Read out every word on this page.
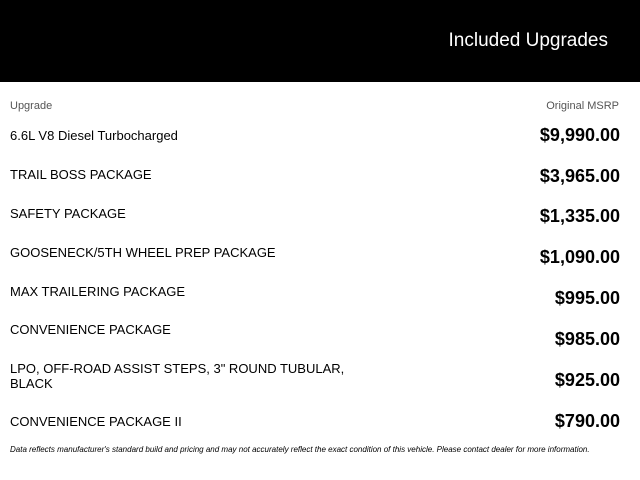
Included Upgrades
Upgrade	Original MSRP
6.6L V8 Diesel Turbocharged	$9,990.00
TRAIL BOSS PACKAGE	$3,965.00
SAFETY PACKAGE	$1,335.00
GOOSENECK/5TH WHEEL PREP PACKAGE	$1,090.00
MAX TRAILERING PACKAGE	$995.00
CONVENIENCE PACKAGE	$985.00
LPO, OFF-ROAD ASSIST STEPS, 3" ROUND TUBULAR, BLACK	$925.00
CONVENIENCE PACKAGE II	$790.00
Data reflects manufacturer's standard build and pricing and may not accurately reflect the exact condition of this vehicle. Please contact dealer for more information.
